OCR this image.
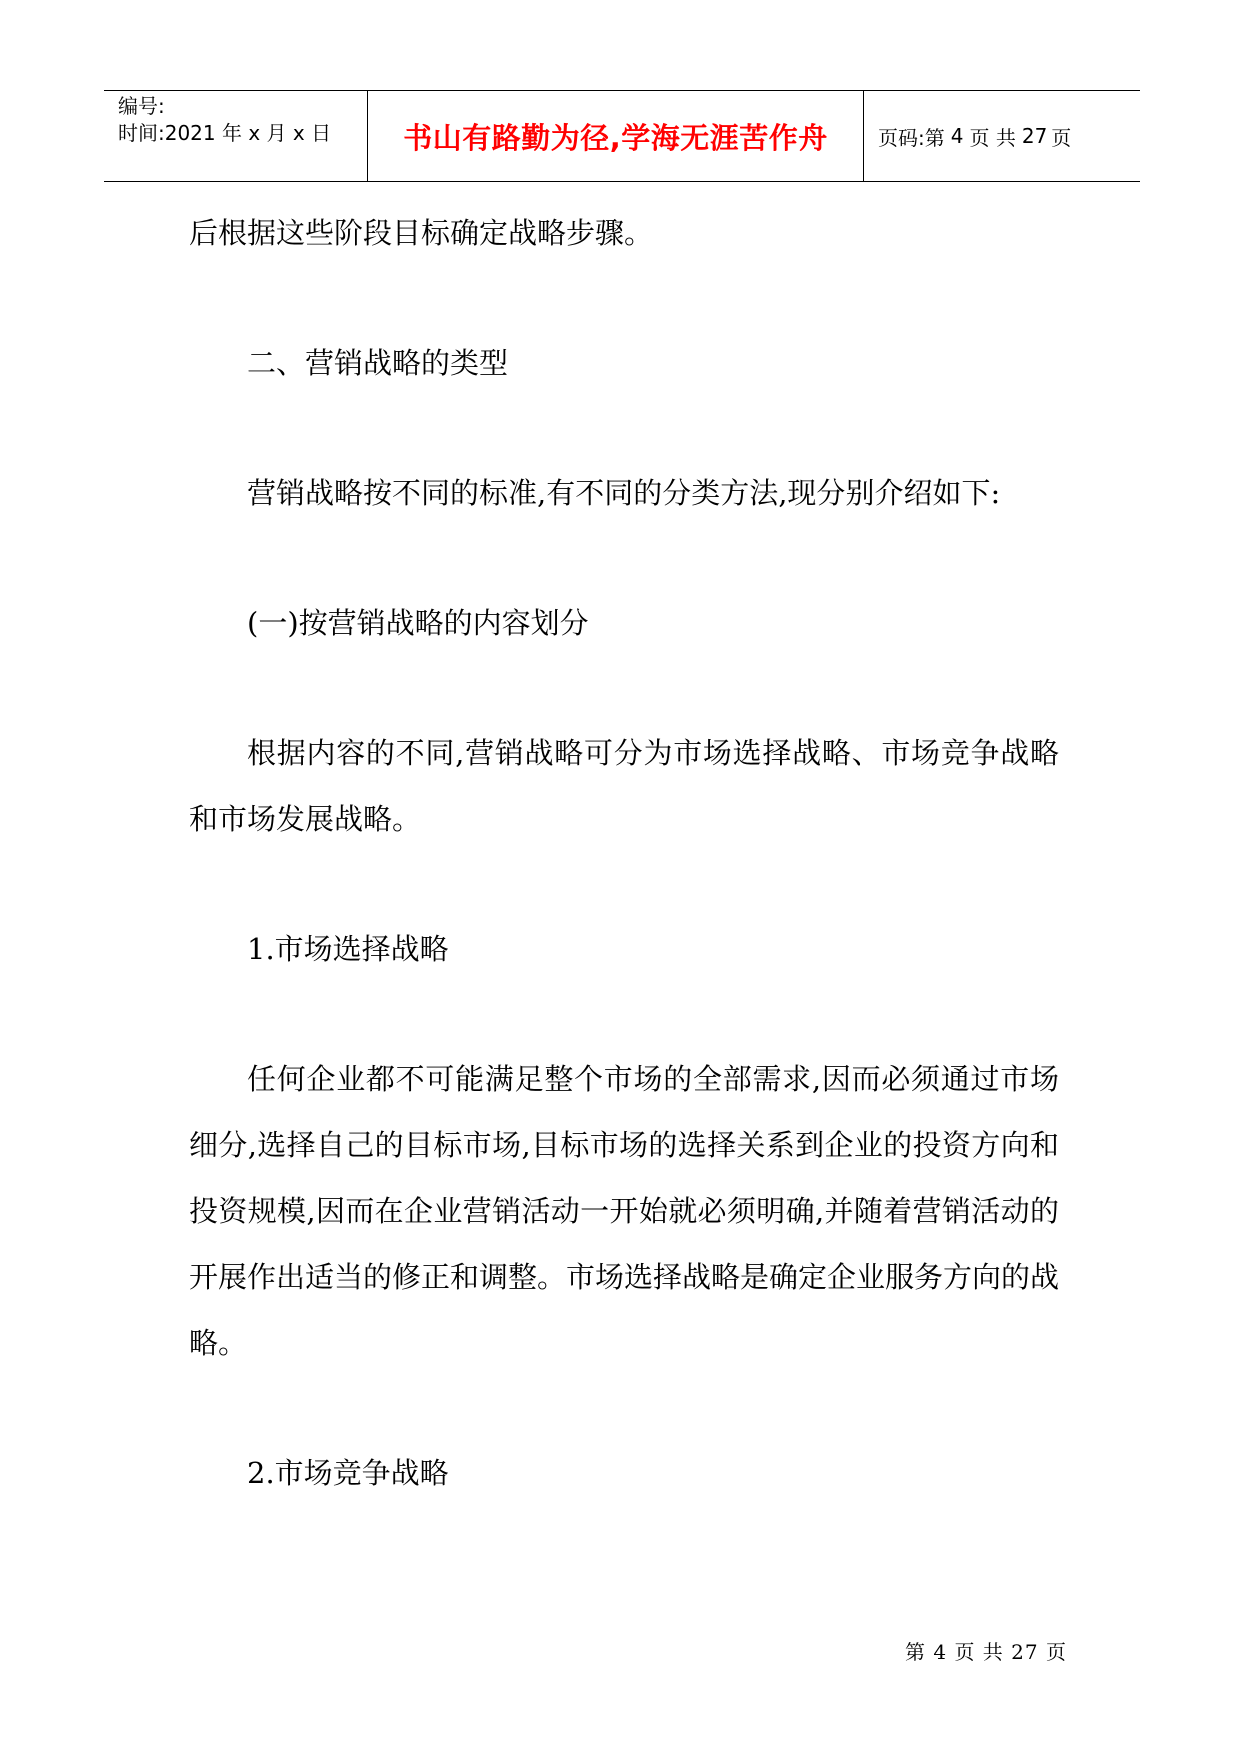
编号:
时间:2021 年 x 月 x 日	书山有路勤为径,学海无涯苦作舟	页码:第 4 页 共 27 页

后根据这些阶段目标确定战略步骤。

二、营销战略的类型

营销战略按不同的标准,有不同的分类方法,现分别介绍如下:

(一)按营销战略的内容划分

根据内容的不同,营销战略可分为市场选择战略、市场竞争战略和市场发展战略。

1.市场选择战略

任何企业都不可能满足整个市场的全部需求,因而必须通过市场细分,选择自己的目标市场,目标市场的选择关系到企业的投资方向和投资规模,因而在企业营销活动一开始就必须明确,并随着营销活动的开展作出适当的修正和调整。市场选择战略是确定企业服务方向的战略。

2.市场竞争战略

第 4 页 共 27 页
